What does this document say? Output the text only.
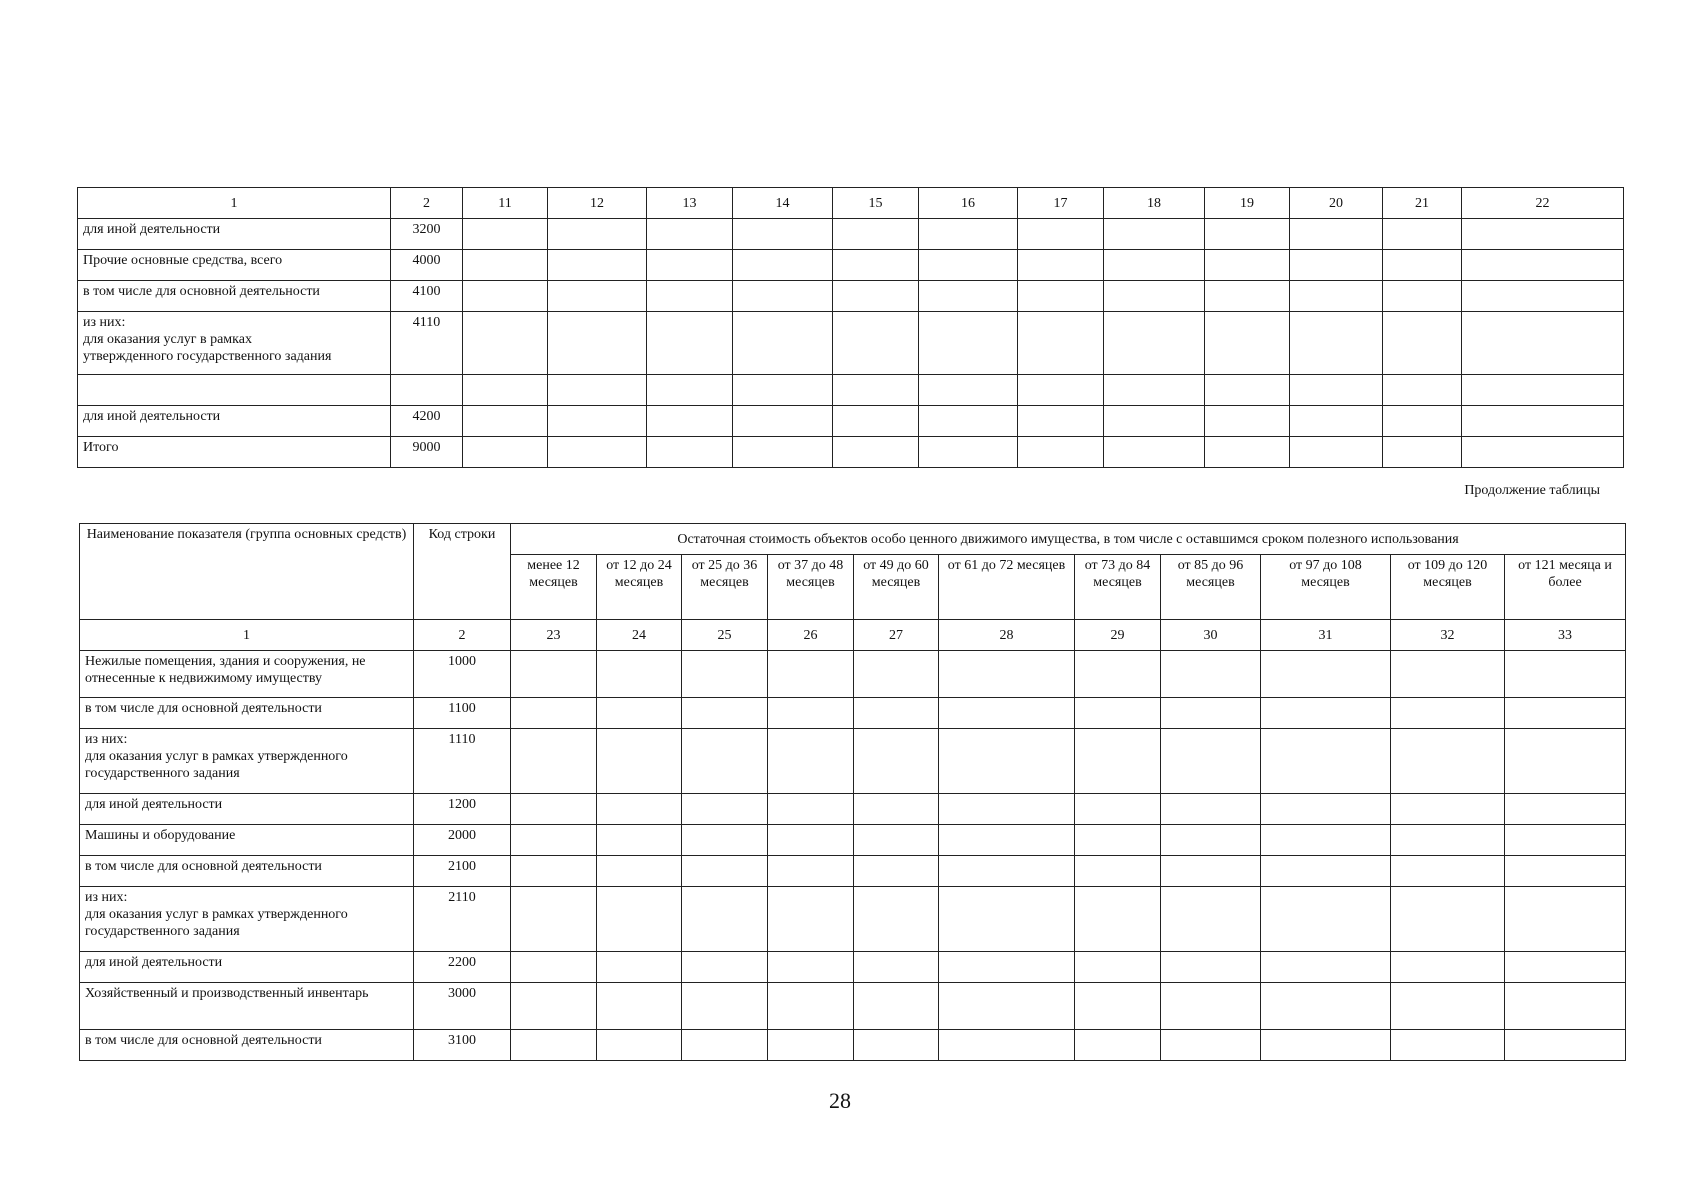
1	2	11	12	13	14	15	16	17	18	19	20	21	22
для иной деятельности	3200												
Прочие основные средства, всего	4000												
в том числе для основной деятельности	4100												
из них:
для оказания услуг в рамках
утвержденного государственного задания	4110												

для иной деятельности	4200												
Итого	9000												
Продолжение таблицы
Наименование показателя (группа основных средств)	Код строки	Остаточная стоимость объектов особо ценного движимого имущества, в том числе с оставшимся сроком полезного использования										
		менее 12 месяцев	от 12 до 24 месяцев	от 25 до 36 месяцев	от 37 до 48 месяцев	от 49 до 60 месяцев	от 61 до 72 месяцев	от 73 до 84 месяцев	от 85 до 96 месяцев	от 97 до 108 месяцев	от 109 до 120 месяцев	от 121 месяца и более
1	2	23	24	25	26	27	28	29	30	31	32	33
Нежилые помещения, здания и сооружения, не отнесенные к недвижимому имуществу	1000											
в том числе для основной деятельности	1100											
из них:
для оказания услуг в рамках утвержденного государственного задания	1110											
для иной деятельности	1200											
Машины и оборудование	2000											
в том числе для основной деятельности	2100											
из них:
для оказания услуг в рамках утвержденного государственного задания	2110											
для иной деятельности	2200											
Хозяйственный и производственный инвентарь	3000											
в том числе для основной деятельности	3100											
28
